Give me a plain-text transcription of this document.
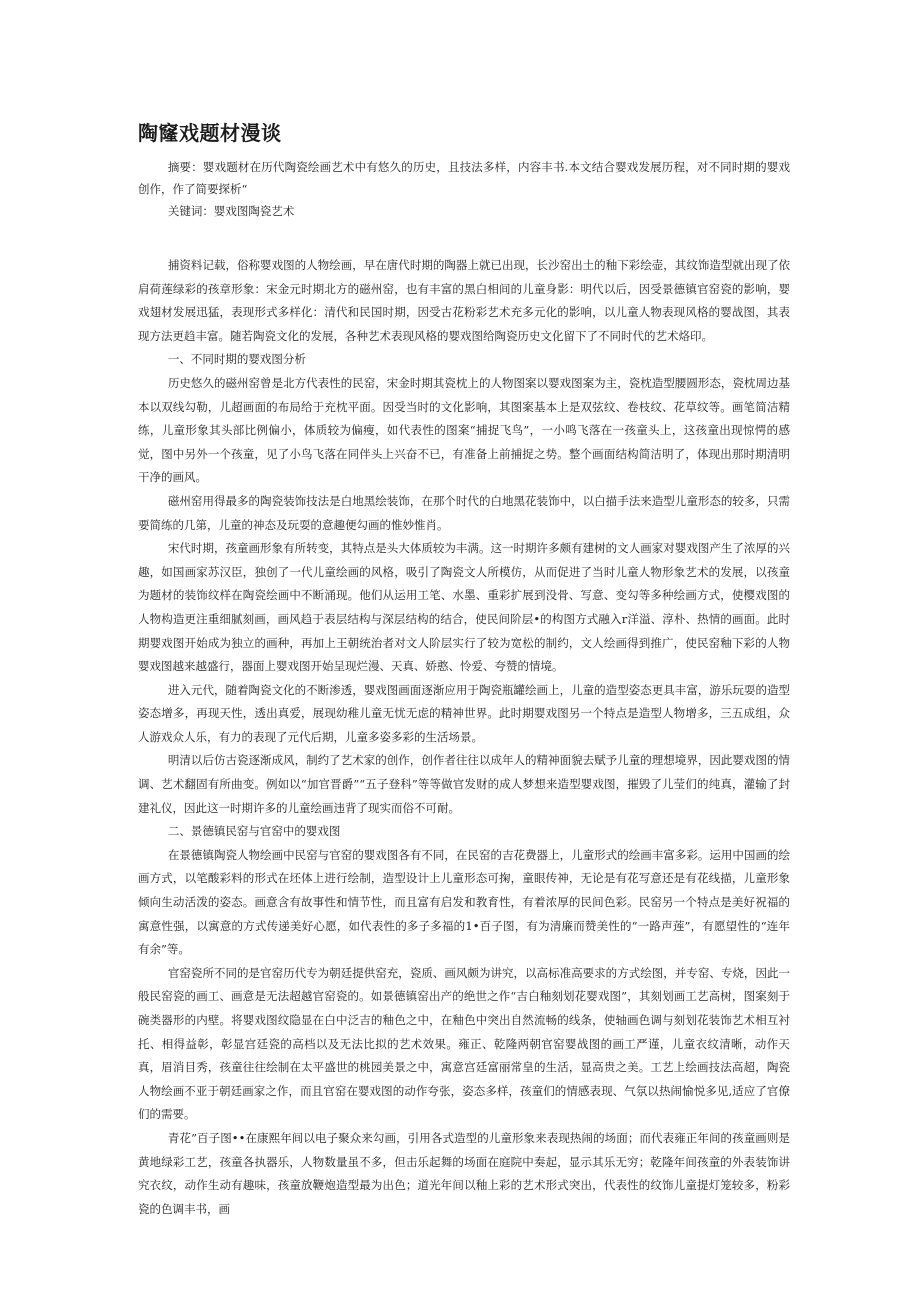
陶窿戏题材漫谈

摘要：婴戏题材在历代陶瓷绘画艺术中有悠久的历史，且技法多样，内容丰书.本文结合婴戏发展历程，对不同时期的婴戏创作，作了简要探析“

关键词：婴戏图陶瓷艺术

捕资料记载，俗称婴戏图的人物绘画，早在唐代时期的陶器上就已出现，长沙窑出土的釉下彩绘壶，其纹饰造型就出现了依肩荷莲绿彩的孩章形象：宋金元时期北方的磁州窑，也有丰富的黑白相间的儿童身影：明代以后，因受景德镇官窑瓷的影响，婴戏翅材发展迅猛，表现形式多样化：清代和民国时期，因受古花粉彩艺术充多元化的影响，以儿童人物表现风格的婴战图，其表现方法更趋丰富。随若陶瓷文化的发展，各种艺术表现风格的婴戏图给陶瓷历史文化留下了不同时代的艺术烙印。

一、不同时期的婴戏图分析

历史悠久的磁州窑曾是北方代表性的民窑，宋金时期其瓷枕上的人物图案以婴戏图案为主，瓷枕造型腰圆形态，瓷枕周边基本以双线勾勒，儿超画面的布局给于充枕平面。因受当时的文化影响，其图案基本上是双弦纹、卷枝纹、花草纹等。画笔简洁精练，儿童形象其头部比例偏小，体质较为偏瘦，如代表性的图案“捕捉飞鸟”，一小鸣飞落在一孩童头上，这孩童出现惊愕的感觉，图中另外一个孩童，见了小鸟飞落在同伴头上兴奋不已，有准备上前捕捉之势。整个画面结构简洁明了，体现出那时期清明干净的画风。

磁州窑用得最多的陶瓷装饰技法是白地黑绘装饰，在那个时代的白地黑花装饰中，以白描手法来造型儿童形态的较多，只需要简练的几第，儿童的神态及玩耍的意趣便勾画的惟妙惟肖。

宋代时期，孩童画形象有所转变，其特点是头大体质较为丰满。这一时期许多颇有建树的文人画家对婴戏图产生了浓厚的兴趣，如国画家苏汉臣，独创了一代儿童绘画的风格，吸引了陶瓷文人所模仿，从而促进了当时儿童人物形象艺术的发展，以孩童为题材的装饰纹样在陶瓷绘画中不断涌现。他们从运用工笔、水墨、重彩扩展到没骨、写意、变勾等多种绘画方式，使樱戏图的人物构造更注重细腻刻画，画风趋于表层结构与深层结构的结合，使民间阶层•的构图方式融入r洋溢、淳朴、热情的画面。此时期婴戏图开始成为独立的画种，再加上王朝统治者对文人阶层实行了较为宽松的制约，文人绘画得到推广，使民窑釉下彩的人物婴戏图越来越盛行，器面上婴戏图开始呈现烂漫、天真、娇憨、怜爱、夸赞的情境。

进入元代，随着陶瓷文化的不断渗透，婴戏图画面逐渐应用于陶瓷瓶罐绘画上，儿童的造型姿态更具丰富，游乐玩耍的造型姿态增多，再现天性，透出真爱，展现幼稚儿童无忧无虑的精神世界。此时期婴戏图另一个特点是造型人物增多，三五成组，众人游戏众人乐，有力的表现了元代后期，儿童多姿多彩的生活场景。

明清以后仿古瓷逐渐成风，制约了艺术家的创作，创作者往往以成年人的精神面貌去赋予儿童的理想境界，因此婴戏图的情调、艺术翻固有所曲变。例如以“加官晋爵”“五子登科”等等做官发财的成人梦想来造型婴戏图，摧毁了儿莹们的纯真，灌输了封建礼仪，因此这一时期许多的儿童绘画违背了现实而俗不可耐。

二、景德镇民窑与官窑中的婴戏图

在景德镇陶瓷人物绘画中民窑与官窑的婴戏图各有不同，在民窑的吉花费器上，儿童形式的绘画丰富多彩。运用中国画的绘画方式，以笔酸彩料的形式在坯体上进行绘制，造型设计上儿童形态可掬，童眼传神，无论是有花写意还是有花线描，儿童形象倾向生动活泼的姿态。画意含有故事性和情节性，而且富有启发和教育性，有着浓厚的民间色彩。民窑另一个特点是美好祝福的寓意性强，以寓意的方式传递美好心愿，如代表性的多子多福的1•百子图，有为清廉而赞美性的“一路声莲”，有愿望性的“连年有余”等。

官窑瓷所不同的是官窑历代专为朝廷提供窑充，瓷质、画风颇为讲究，以高标准高要求的方式绘图，并专窑、专烧，因此一般民窑瓷的画工、画意是无法超越官窑瓷的。如景德镇窑出产的绝世之作“吉白釉刻划花婴戏图”，其刻划画工艺高树，图案刻于碗类器形的内壁。将婴戏图纹隐显在白中泛吉的釉色之中，在釉色中突出自然流畅的线条，使轴画色调与刻划花装饰艺术相互衬托、相得益彰，彰显宫廷瓷的高档以及无法比拟的艺术效果。雍正、乾隆两朝官窑婴战图的画工严谨，儿童衣纹清晰，动作天真，眉消目秀，孩童往往绘制在太平盛世的桃园美景之中，寓意宫廷富丽常皇的生活，显高贵之美。工艺上绘画技法高超，陶瓷人物绘画不亚于朝廷画家之作，而且官窑在婴戏图的动作夸张，姿态多样，孩童们的情感表现、气氛以热闹愉悦多见,适应了官僚们的需要。

青花”百子图••在康熙年间以电子聚众来勾画，引用各式造型的儿童形象来表现热闹的场面；而代表雍正年间的孩童画则是黄地绿彩工艺，孩童各执器乐，人物数量虽不多，但击乐起舞的场面在庭院中奏起，显示其乐无穷；乾隆年间孩童的外表装饰讲究衣纹，动作生动有趣味，孩童放鞭炮造型最为出色；道光年间以釉上彩的艺术形式突出，代表性的纹饰儿童提灯笼较多，粉彩瓷的色调丰书，画
